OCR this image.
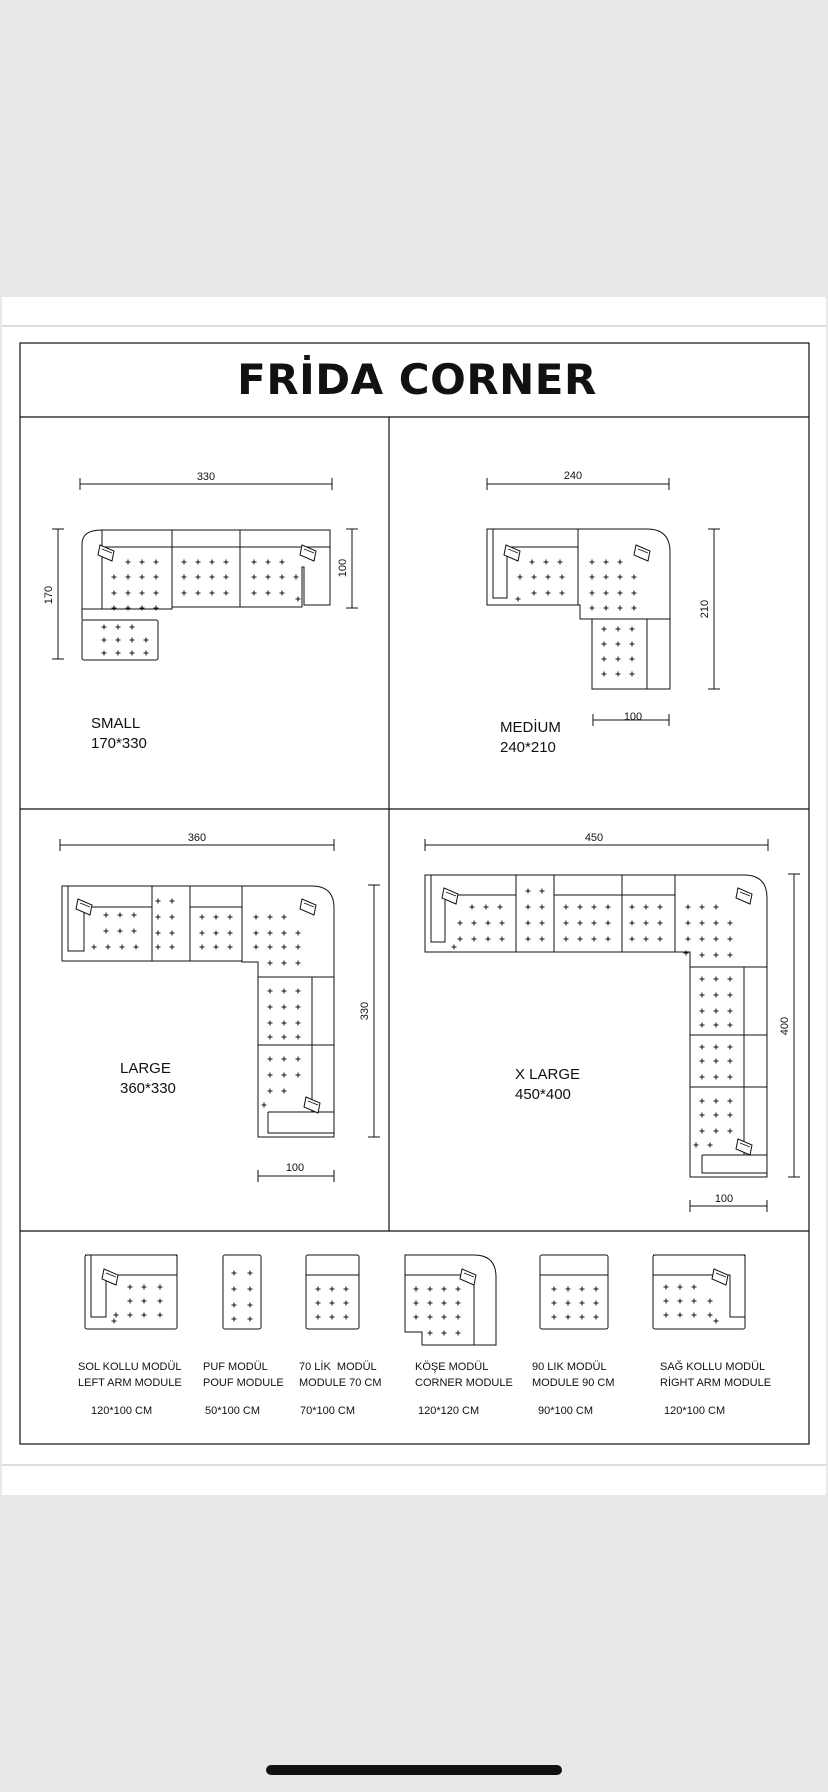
330
170
100
240
210
100
360
330
100
450
400
100
FRİDA CORNER
SMALL
170*330
MEDİUM
240*210
LARGE
360*330
X LARGE
450*400
SOL KOLLU MODÜL
LEFT ARM MODULE
120*100 CM
PUF MODÜL
POUF MODULE
50*100 CM
70 LİK  MODÜL
MODULE 70 CM
70*100 CM
KÖŞE MODÜL
CORNER MODULE
120*120 CM
90 LIK MODÜL
MODULE 90 CM
90*100 CM
SAĞ KOLLU MODÜL
RİGHT ARM MODULE
120*100 CM
